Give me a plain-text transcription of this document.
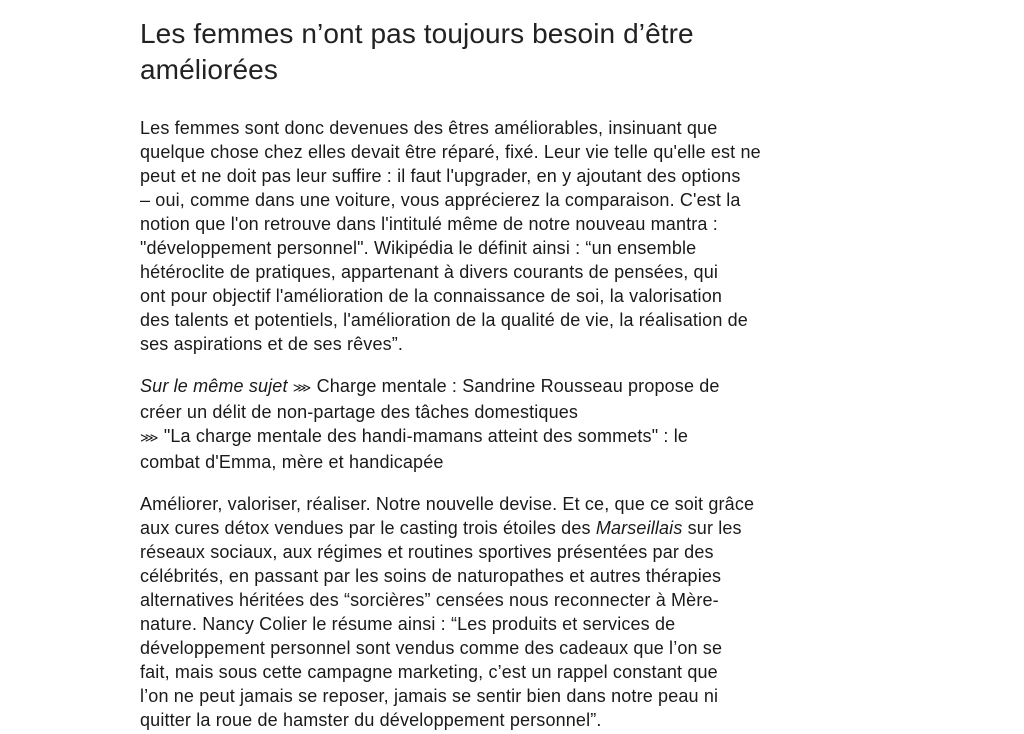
Les femmes n’ont pas toujours besoin d’être
améliorées

Les femmes sont donc devenues des êtres améliorables, insinuant que
quelque chose chez elles devait être réparé, fixé. Leur vie telle qu'elle est ne
peut et ne doit pas leur suffire : il faut l'upgrader, en y ajoutant des options
– oui, comme dans une voiture, vous apprécierez la comparaison. C'est la
notion que l'on retrouve dans l'intitulé même de notre nouveau mantra :
"développement personnel". Wikipédia le définit ainsi : “un ensemble
hétéroclite de pratiques, appartenant à divers courants de pensées, qui
ont pour objectif l'amélioration de la connaissance de soi, la valorisation
des talents et potentiels, l'amélioration de la qualité de vie, la réalisation de
ses aspirations et de ses rêves”.

Sur le même sujet ⋙ Charge mentale : Sandrine Rousseau propose de
créer un délit de non-partage des tâches domestiques
⋙ "La charge mentale des handi-mamans atteint des sommets" : le
combat d'Emma, mère et handicapée

Améliorer, valoriser, réaliser. Notre nouvelle devise. Et ce, que ce soit grâce
aux cures détox vendues par le casting trois étoiles des Marseillais sur les
réseaux sociaux, aux régimes et routines sportives présentées par des
célébrités, en passant par les soins de naturopathes et autres thérapies
alternatives héritées des “sorcières” censées nous reconnecter à Mère-
nature. Nancy Colier le résume ainsi : “Les produits et services de
développement personnel sont vendus comme des cadeaux que l’on se
fait, mais sous cette campagne marketing, c’est un rappel constant que
l’on ne peut jamais se reposer, jamais se sentir bien dans notre peau ni
quitter la roue de hamster du développement personnel”.
